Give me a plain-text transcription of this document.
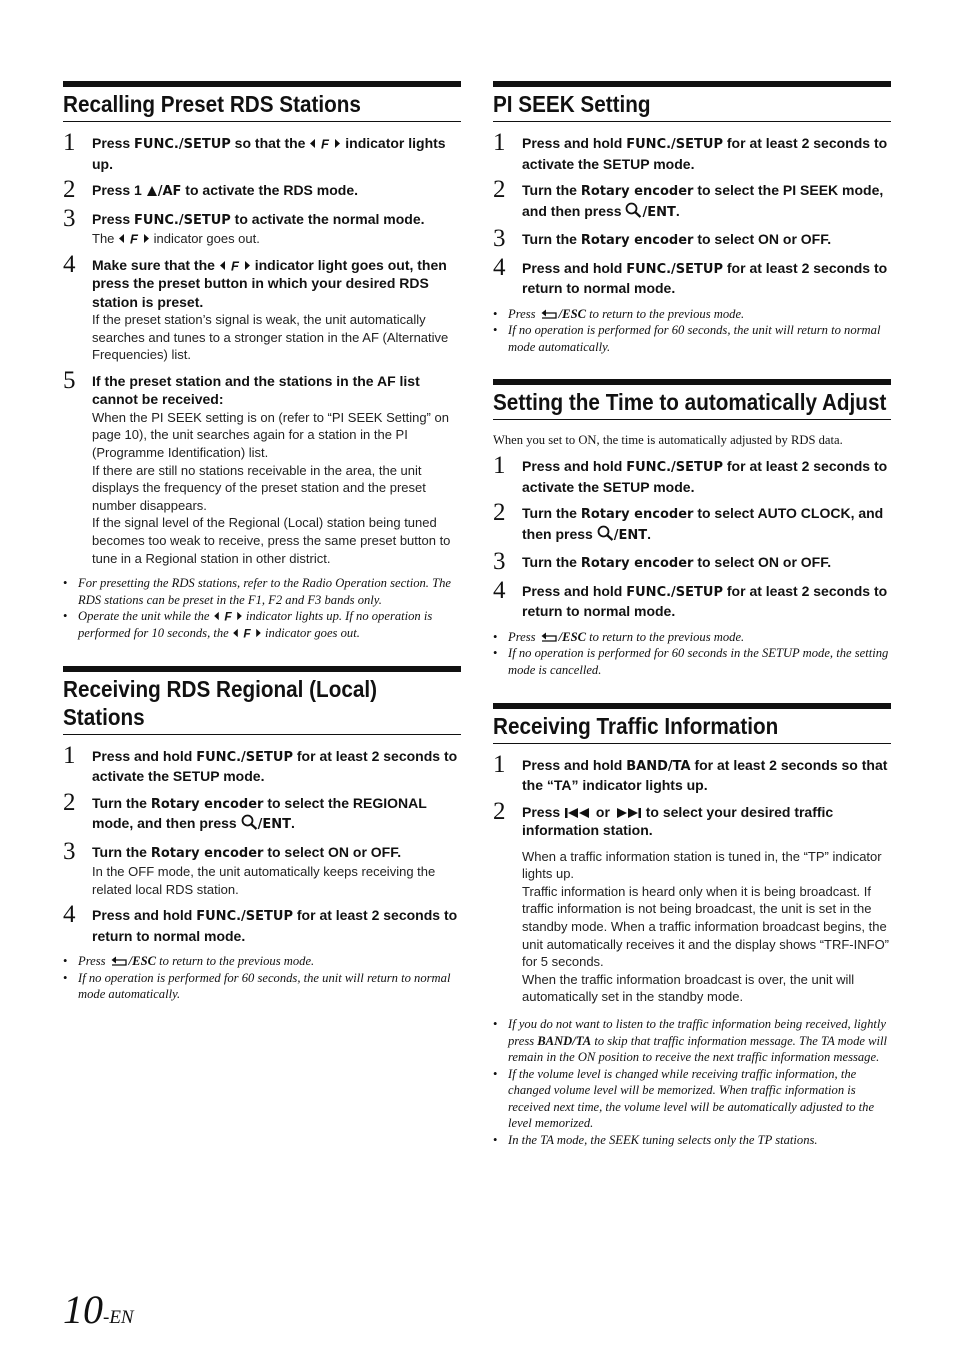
Recalling Preset RDS Stations
1 Press FUNC./SETUP so that the F indicator lights up.
2 Press 1 /AF to activate the RDS mode.
3 Press FUNC./SETUP to activate the normal mode.
The F indicator goes out.
4 Make sure that the F indicator light goes out, then press the preset button in which your desired RDS station is preset.
If the preset station’s signal is weak, the unit automatically searches and tunes to a stronger station in the AF (Alternative Frequencies) list.
5 If the preset station and the stations in the AF list cannot be received:
When the PI SEEK setting is on (refer to “PI SEEK Setting” on page 10), the unit searches again for a station in the PI (Programme Identification) list.
If there are still no stations receivable in the area, the unit displays the frequency of the preset station and the preset number disappears.
If the signal level of the Regional (Local) station being tuned becomes too weak to receive, press the same preset button to tune in a Regional station in other district.
• For presetting the RDS stations, refer to the Radio Operation section. The RDS stations can be preset in the F1, F2 and F3 bands only.
• Operate the unit while the F indicator lights up. If no operation is performed for 10 seconds, the F indicator goes out.
Receiving RDS Regional (Local) Stations
1 Press and hold FUNC./SETUP for at least 2 seconds to activate the SETUP mode.
2 Turn the Rotary encoder to select the REGIONAL mode, and then press /ENT.
3 Turn the Rotary encoder to select ON or OFF.
In the OFF mode, the unit automatically keeps receiving the related local RDS station.
4 Press and hold FUNC./SETUP for at least 2 seconds to return to normal mode.
• Press /ESC to return to the previous mode.
• If no operation is performed for 60 seconds, the unit will return to normal mode automatically.
PI SEEK Setting
1 Press and hold FUNC./SETUP for at least 2 seconds to activate the SETUP mode.
2 Turn the Rotary encoder to select the PI SEEK mode, and then press /ENT.
3 Turn the Rotary encoder to select ON or OFF.
4 Press and hold FUNC./SETUP for at least 2 seconds to return to normal mode.
• Press /ESC to return to the previous mode.
• If no operation is performed for 60 seconds, the unit will return to normal mode automatically.
Setting the Time to automatically Adjust

When you set to ON, the time is automatically adjusted by RDS data.

1 Press and hold FUNC./SETUP for at least 2 seconds to activate the SETUP mode.
2 Turn the Rotary encoder to select AUTO CLOCK, and then press /ENT.
3 Turn the Rotary encoder to select ON or OFF.
4 Press and hold FUNC./SETUP for at least 2 seconds to return to normal mode.
• Press /ESC to return to the previous mode.
• If no operation is performed for 60 seconds in the SETUP mode, the setting mode is cancelled.
Receiving Traffic Information
1 Press and hold BAND/TA for at least 2 seconds so that the “TA” indicator lights up.
2 Press  or  to select your desired traffic information station.
When a traffic information station is tuned in, the “TP” indicator lights up.
Traffic information is heard only when it is being broadcast. If traffic information is not being broadcast, the unit is set in the standby mode. When a traffic information broadcast begins, the unit automatically receives it and the display shows “TRF-INFO” for 5 seconds.
When the traffic information broadcast is over, the unit will automatically set in the standby mode.
• If you do not want to listen to the traffic information being received, lightly press BAND/TA to skip that traffic information message. The TA mode will remain in the ON position to receive the next traffic information message.
• If the volume level is changed while receiving traffic information, the changed volume level will be memorized. When traffic information is received next time, the volume level will be automatically adjusted to the level memorized.
• In the TA mode, the SEEK tuning selects only the TP stations.
10-EN
